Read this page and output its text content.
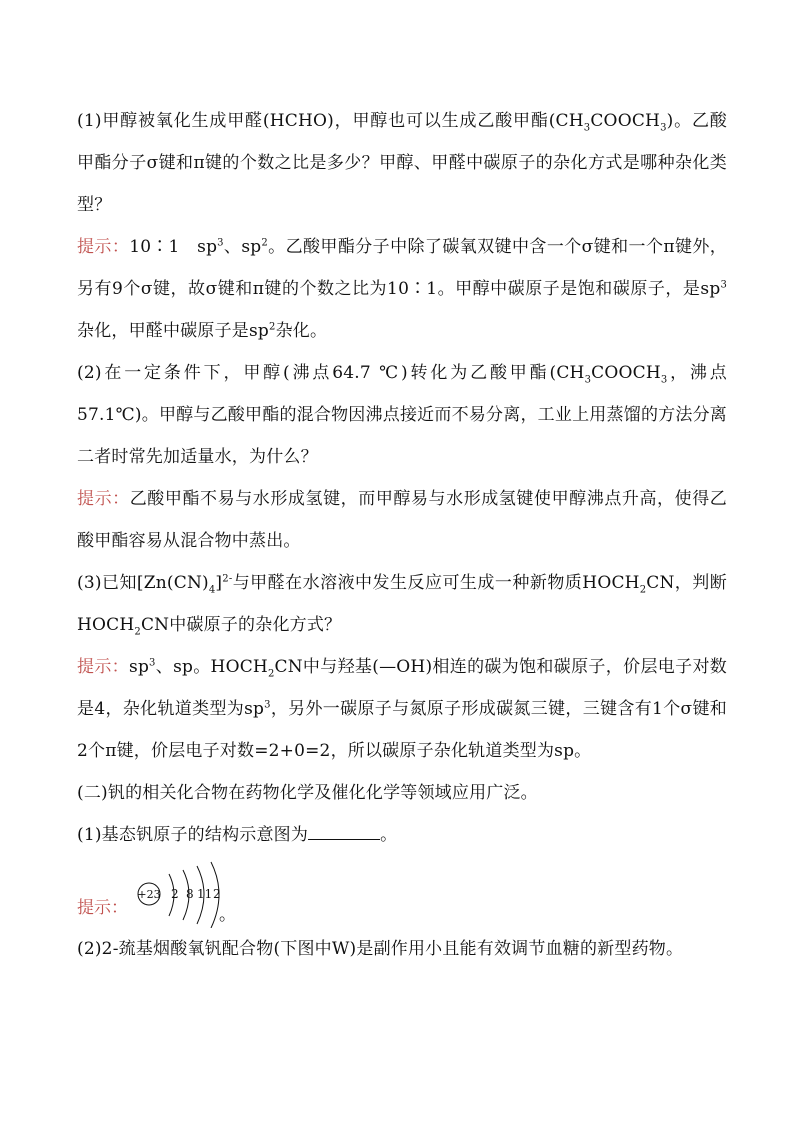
(1)甲醇被氧化生成甲醛(HCHO)，甲醇也可以生成乙酸甲酯$(CH_3COOCH_3)$。乙酸甲酯分子σ键和π键的个数之比是多少？甲醇、甲醛中碳原子的杂化方式是哪种杂化类型？

提示：10∶1　$sp^3$、$sp^2$。乙酸甲酯分子中除了碳氧双键中含一个σ键和一个π键外，另有9个σ键，故σ键和π键的个数之比为10∶1。甲醇中碳原子是饱和碳原子，是$sp^3$杂化，甲醛中碳原子是$sp^2$杂化。

(2)在一定条件下，甲醇(沸点64.7 ℃)转化为乙酸甲酯($CH_3COOCH_3$，沸点57.1℃)。甲醇与乙酸甲酯的混合物因沸点接近而不易分离，工业上用蒸馏的方法分离二者时常先加适量水，为什么？

提示：乙酸甲酯不易与水形成氢键，而甲醇易与水形成氢键使甲醇沸点升高，使得乙酸甲酯容易从混合物中蒸出。

(3)已知$[Zn(CN)_4]^{2-}$与甲醛在水溶液中发生反应可生成一种新物质$HOCH_2CN$，判断$HOCH_2CN$中碳原子的杂化方式？

提示：$sp^3$、sp。$HOCH_2CN$中与羟基(—OH)相连的碳为饱和碳原子，价层电子对数是4，杂化轨道类型为$sp^3$，另外一碳原子与氮原子形成碳氮三键，三键含有1个σ键和2个π键，价层电子对数=2+0=2，所以碳原子杂化轨道类型为sp。

(二)钒的相关化合物在药物化学及催化化学等领域应用广泛。

(1)基态钒原子的结构示意图为	。

提示：
+23 2 8 11 2
。

(2)2-巯基烟酸氧钒配合物(下图中W)是副作用小且能有效调节血糖的新型药物。
